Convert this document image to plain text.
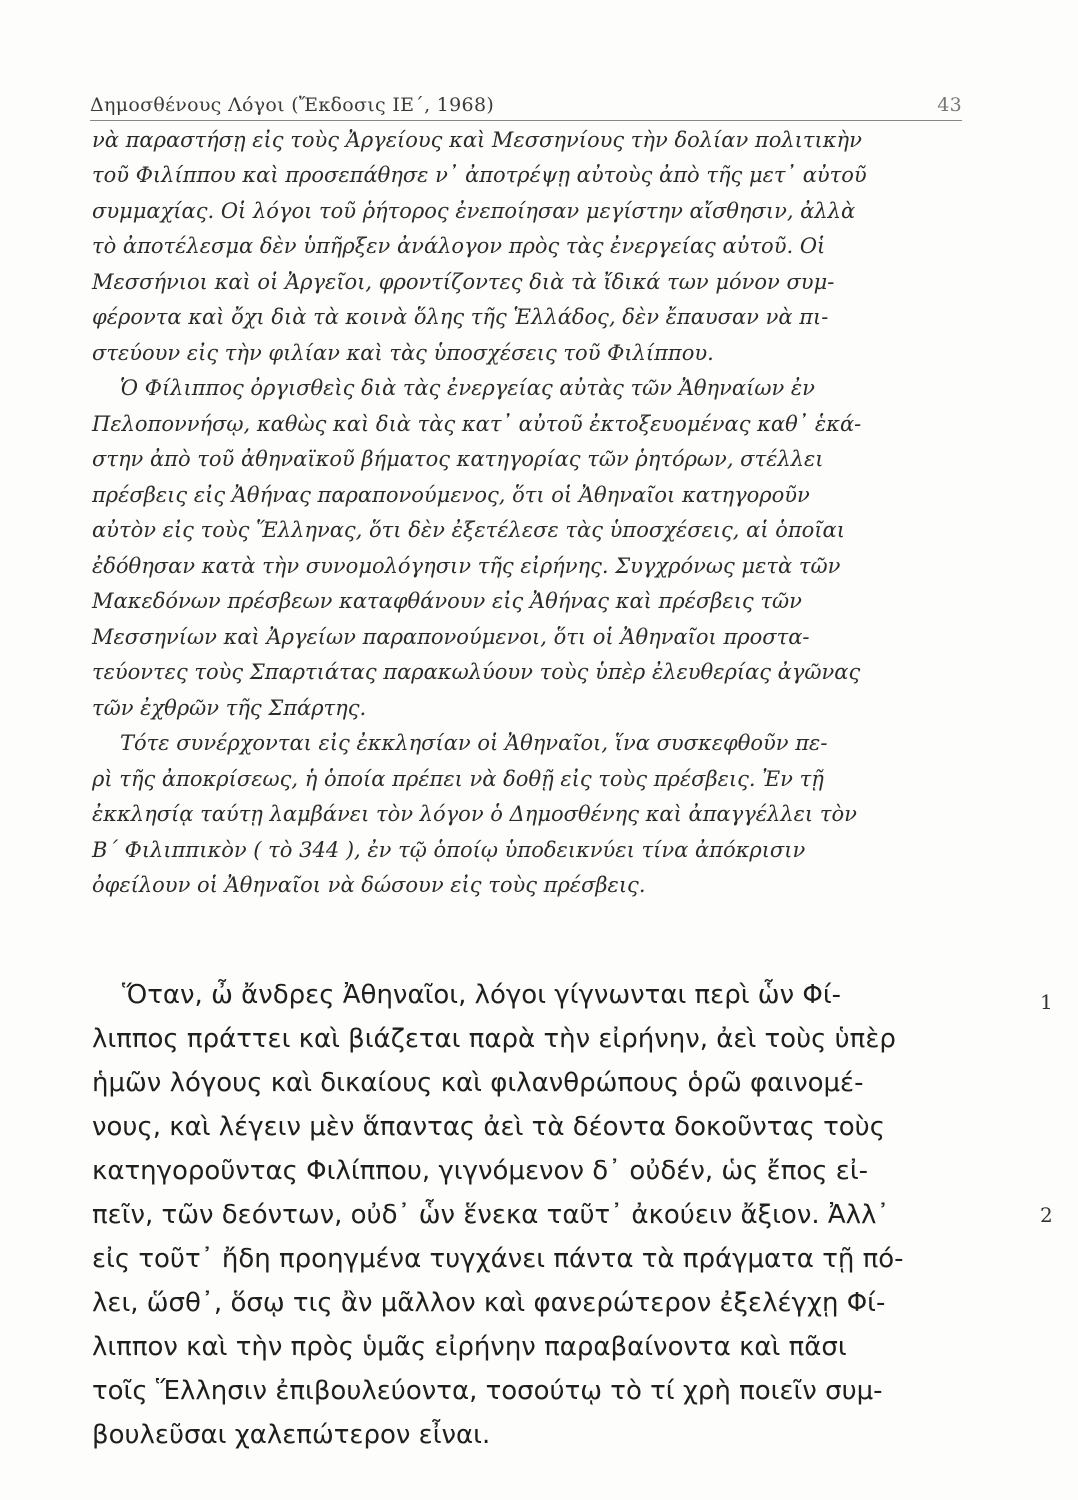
Δημοσθένους Λόγοι (Ἔκδοσις ΙΕ΄, 1968)	43
νὰ παραστήσῃ εἰς τοὺς Ἀργείους καὶ Μεσσηνίους τὴν δολίαν πολιτικὴν
τοῦ Φιλίππου καὶ προσεπάθησε ν᾿ ἀποτρέψῃ αὐτοὺς ἀπὸ τῆς μετ᾿ αὐτοῦ
συμμαχίας. Οἱ λόγοι τοῦ ῥήτορος ἐνεποίησαν μεγίστην αἴσθησιν, ἀλλὰ
τὸ ἀποτέλεσμα δὲν ὑπῆρξεν ἀνάλογον πρὸς τὰς ἐνεργείας αὐτοῦ. Οἱ
Μεσσήνιοι καὶ οἱ Ἀργεῖοι, φροντίζοντες διὰ τὰ ἴδικά των μόνον συμ-
φέροντα καὶ ὄχι διὰ τὰ κοινὰ ὅλης τῆς Ἑλλάδος, δὲν ἔπαυσαν νὰ πι-
στεύουν εἰς τὴν φιλίαν καὶ τὰς ὑποσχέσεις τοῦ Φιλίππου.
Ὁ Φίλιππος ὀργισθεὶς διὰ τὰς ἐνεργείας αὐτὰς τῶν Ἀθηναίων ἐν
Πελοποννήσῳ, καθὼς καὶ διὰ τὰς κατ᾿ αὐτοῦ ἐκτοξευομένας καθ᾿ ἑκά-
στην ἀπὸ τοῦ ἀθηναϊκοῦ βήματος κατηγορίας τῶν ῥητόρων, στέλλει
πρέσβεις εἰς Ἀθήνας παραπονούμενος, ὅτι οἱ Ἀθηναῖοι κατηγοροῦν
αὐτὸν εἰς τοὺς Ἕλληνας, ὅτι δὲν ἐξετέλεσε τὰς ὑποσχέσεις, αἱ ὁποῖαι
ἐδόθησαν κατὰ τὴν συνομολόγησιν τῆς εἰρήνης. Συγχρόνως μετὰ τῶν
Μακεδόνων πρέσβεων καταφθάνουν εἰς Ἀθήνας καὶ πρέσβεις τῶν
Μεσσηνίων καὶ Ἀργείων παραπονούμενοι, ὅτι οἱ Ἀθηναῖοι προστα-
τεύοντες τοὺς Σπαρτιάτας παρακωλύουν τοὺς ὑπὲρ ἐλευθερίας ἀγῶνας
τῶν ἐχθρῶν τῆς Σπάρτης.
Τότε συνέρχονται εἰς ἐκκλησίαν οἱ Ἀθηναῖοι, ἵνα συσκεφθοῦν πε-
ρὶ τῆς ἀποκρίσεως, ἡ ὁποία πρέπει νὰ δοθῇ εἰς τοὺς πρέσβεις. Ἐν τῇ
ἐκκλησίᾳ ταύτῃ λαμβάνει τὸν λόγον ὁ Δημοσθένης καὶ ἀπαγγέλλει τὸν
Β΄ Φιλιππικὸν ( τὸ 344 ), ἐν τῷ ὁποίῳ ὑποδεικνύει τίνα ἀπόκρισιν
ὀφείλουν οἱ Ἀθηναῖοι νὰ δώσουν εἰς τοὺς πρέσβεις.
Ὅταν, ὦ ἄνδρες Ἀθηναῖοι, λόγοι γίγνωνται περὶ ὧν Φί-
λιππος πράττει καὶ βιάζεται παρὰ τὴν εἰρήνην, ἀεὶ τοὺς ὑπὲρ
ἡμῶν λόγους καὶ δικαίους καὶ φιλανθρώπους ὁρῶ φαινομέ-
νους, καὶ λέγειν μὲν ἅπαντας ἀεὶ τὰ δέοντα δοκοῦντας τοὺς
κατηγοροῦντας Φιλίππου, γιγνόμενον δ᾿ οὐδέν, ὡς ἔπος εἰ-
πεῖν, τῶν δεόντων, οὐδ᾿ ὧν ἕνεκα ταῦτ᾿ ἀκούειν ἄξιον. Ἀλλ᾿
εἰς τοῦτ᾿ ἤδη προηγμένα τυγχάνει πάντα τὰ πράγματα τῇ πό-
λει, ὥσθ᾿, ὅσῳ τις ἂν μᾶλλον καὶ φανερώτερον ἐξελέγχῃ Φί-
λιππον καὶ τὴν πρὸς ὑμᾶς εἰρήνην παραβαίνοντα καὶ πᾶσι
τοῖς Ἕλλησιν ἐπιβουλεύοντα, τοσούτῳ τὸ τί χρὴ ποιεῖν συμ-
βουλεῦσαι χαλεπώτερον εἶναι.
1
2
